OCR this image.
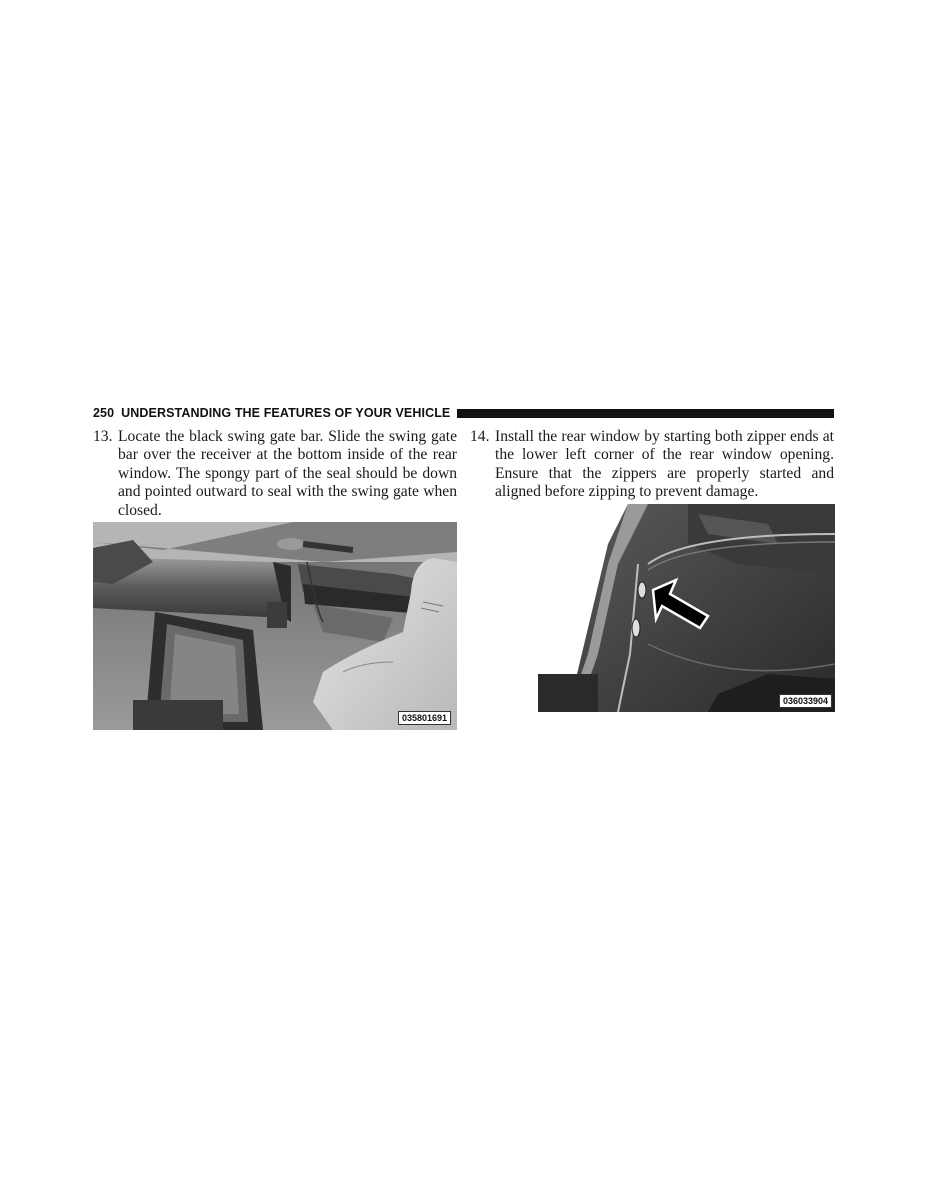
250 UNDERSTANDING THE FEATURES OF YOUR VEHICLE
13. Locate the black swing gate bar. Slide the swing gate bar over the receiver at the bottom inside of the rear window. The spongy part of the seal should be down and pointed outward to seal with the swing gate when closed.
14. Install the rear window by starting both zipper ends at the lower left corner of the rear window opening. Ensure that the zippers are properly started and aligned before zipping to prevent damage.
035801691
036033904
